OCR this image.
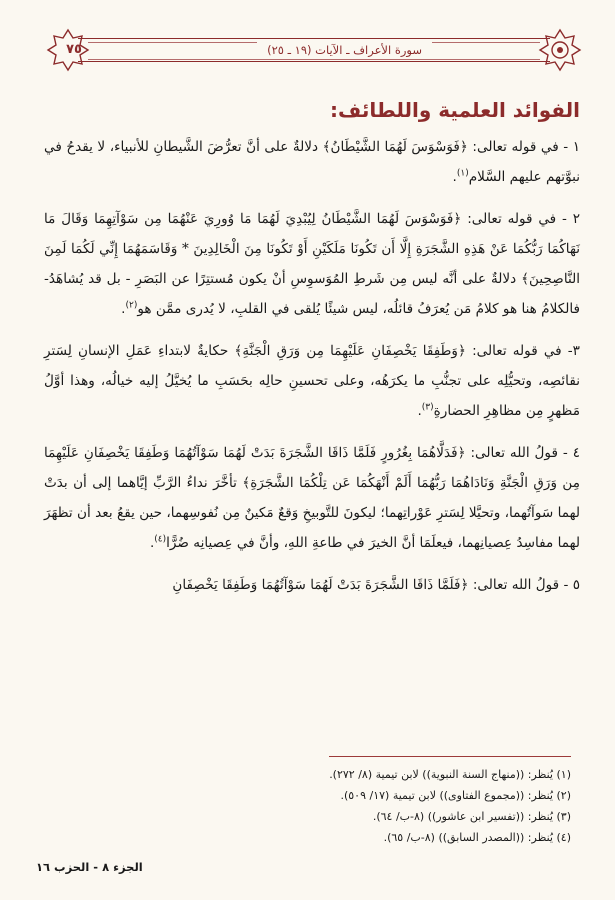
سورة الأعراف ـ الآيات (١٩ ـ ٢٥)
٧٥
الفوائد العلمية واللطائف:

١ - في قوله تعالى: ﴿فَوَسْوَسَ لَهُمَا الشَّيْطَانُ﴾ دلالةٌ على أنَّ تعرُّضَ الشَّيطانِ للأنبياء، لا يقدحُ في نبوَّتهم عليهم السَّلام$^{(١)}$.

٢ - في قوله تعالى: ﴿فَوَسْوَسَ لَهُمَا الشَّيْطَانُ لِيُبْدِيَ لَهُمَا مَا وُورِيَ عَنْهُمَا مِن سَوْآتِهِمَا وَقَالَ مَا نَهَاكُمَا رَبُّكُمَا عَنْ هَذِهِ الشَّجَرَةِ إِلَّا أَن تَكُونَا مَلَكَيْنِ أَوْ تَكُونَا مِنَ الْخَالِدِينَ * وَقَاسَمَهُمَا إِنِّي لَكُمَا لَمِنَ النَّاصِحِينَ﴾ دلالةٌ على أنَّه ليس مِن شَرطِ المُوَسوِسِ أنْ يكون مُستتِرًا عن البَصَرِ - بل قد يُشاهَدُ- فالكلامُ هنا هو كلامُ مَن يُعرَفُ قائلُه، ليس شيئًا يُلقى في القلبِ، لا يُدرى ممَّن هو$^{(٢)}$.

٣- في قوله تعالى: ﴿وَطَفِقَا يَخْصِفَانِ عَلَيْهِمَا مِن وَرَقِ الْجَنَّةِ﴾ حكايةٌ لابتداءِ عَمَلِ الإنسانِ لِسَترِ نقائصِه، وتحيُّلِه على تجنُّبِ ما يكرَهُه، وعلى تحسينِ حالِه بحَسَبِ ما يُخيَّلُ إليه خيالُه، وهذا أوَّلُ مَظهرٍ مِن مظاهِرِ الحضارةِ$^{(٣)}$.

٤ - قولُ الله تعالى: ﴿فَدَلَّاهُمَا بِغُرُورٍ فَلَمَّا ذَاقَا الشَّجَرَةَ بَدَتْ لَهُمَا سَوْآتُهُمَا وَطَفِقَا يَخْصِفَانِ عَلَيْهِمَا مِن وَرَقِ الْجَنَّةِ وَنَادَاهُمَا رَبُّهُمَا أَلَمْ أَنْهَكُمَا عَن تِلْكُمَا الشَّجَرَةِ﴾ تأخَّرَ نداءُ الرَّبِّ إيَّاهما إلى أن بدَتْ لهما سَوآتُهما، وتحيَّلا لِسَترِ عَوْراتِهما؛ ليكونَ للتَّوبيخِ وَقعٌ مَكينٌ مِن نُفوسِهما، حين يقعُ بعد أن تظهَرَ لهما مفاسِدُ عِصيانِهما، فيعلَمَا أنَّ الخيرَ في طاعةِ اللهِ، وأنَّ في عِصيانِه ضُرًّا$^{(٤)}$.

٥ - قولُ الله تعالى: ﴿فَلَمَّا ذَاقَا الشَّجَرَةَ بَدَتْ لَهُمَا سَوْآتُهُمَا وَطَفِقَا يَخْصِفَانِ

(١) يُنظر: ((منهاج السنة النبوية)) لابن تيمية (٨/ ٢٧٢).
(٢) يُنظر: ((مجموع الفتاوى)) لابن تيمية (١٧/ ٥٠٩).
(٣) يُنظر: ((تفسير ابن عاشور)) (٨-ب/ ٦٤).
(٤) يُنظر: ((المصدر السابق)) (٨-ب/ ٦٥).
الجزء ٨ - الحزب ١٦
